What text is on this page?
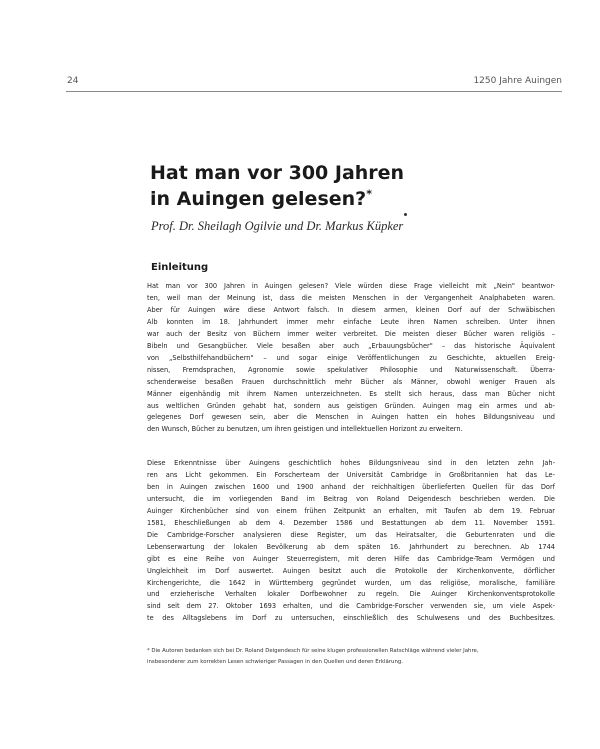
24	1250 Jahre Auingen
Hat man vor 300 Jahren
in Auingen gelesen?*

Prof. Dr. Sheilagh Ogilvie und Dr. Markus Küpker

Einleitung
Hat man vor 300 Jahren in Auingen gelesen? Viele würden diese Frage vielleicht mit „Nein" beantwor-
ten, weil man der Meinung ist, dass die meisten Menschen in der Vergangenheit Analphabeten waren.
Aber für Auingen wäre diese Antwort falsch. In diesem armen, kleinen Dorf auf der Schwäbischen
Alb konnten im 18. Jahrhundert immer mehr einfache Leute ihren Namen schreiben. Unter ihnen
war auch der Besitz von Büchern immer weiter verbreitet. Die meisten dieser Bücher waren religiös –
Bibeln und Gesangbücher. Viele besaßen aber auch „Erbauungsbücher" – das historische Äquivalent
von „Selbsthilfehandbüchern" – und sogar einige Veröffentlichungen zu Geschichte, aktuellen Ereig-
nissen, Fremdsprachen, Agronomie sowie spekulativer Philosophie und Naturwissenschaft. Überra-
schenderweise besaßen Frauen durchschnittlich mehr Bücher als Männer, obwohl weniger Frauen als
Männer eigenhändig mit ihrem Namen unterzeichneten. Es stellt sich heraus, dass man Bücher nicht
aus weltlichen Gründen gehabt hat, sondern aus geistigen Gründen. Auingen mag ein armes und ab-
gelegenes Dorf gewesen sein, aber die Menschen in Auingen hatten ein hohes Bildungsniveau und
den Wunsch, Bücher zu benutzen, um ihren geistigen und intellektuellen Horizont zu erweitern.
Diese Erkenntnisse über Auingens geschichtlich hohes Bildungsniveau sind in den letzten zehn Jah-
ren ans Licht gekommen. Ein Forscherteam der Universität Cambridge in Großbritannien hat das Le-
ben in Auingen zwischen 1600 und 1900 anhand der reichhaltigen überlieferten Quellen für das Dorf
untersucht, die im vorliegenden Band im Beitrag von Roland Deigendesch beschrieben werden. Die
Auinger Kirchenbücher sind von einem frühen Zeitpunkt an erhalten, mit Taufen ab dem 19. Februar
1581, Eheschließungen ab dem 4. Dezember 1586 und Bestattungen ab dem 11. November 1591.
Die Cambridge-Forscher analysieren diese Register, um das Heiratsalter, die Geburtenraten und die
Lebenserwartung der lokalen Bevölkerung ab dem späten 16. Jahrhundert zu berechnen. Ab 1744
gibt es eine Reihe von Auinger Steuerregistern, mit deren Hilfe das Cambridge-Team Vermögen und
Ungleichheit im Dorf auswertet. Auingen besitzt auch die Protokolle der Kirchenkonvente, dörflicher
Kirchengerichte, die 1642 in Württemberg gegründet wurden, um das religiöse, moralische, familiäre
und erzieherische Verhalten lokaler Dorfbewohner zu regeln. Die Auinger Kirchenkonventsprotokolle
sind seit dem 27. Oktober 1693 erhalten, und die Cambridge-Forscher verwenden sie, um viele Aspek-
te des Alltagslebens im Dorf zu untersuchen, einschließlich des Schulwesens und des Buchbesitzes.
* Die Autoren bedanken sich bei Dr. Roland Deigendesch für seine klugen professionellen Ratschläge während vieler Jahre,
insbesonderer zum korrekten Lesen schwieriger Passagen in den Quellen und deren Erklärung.
